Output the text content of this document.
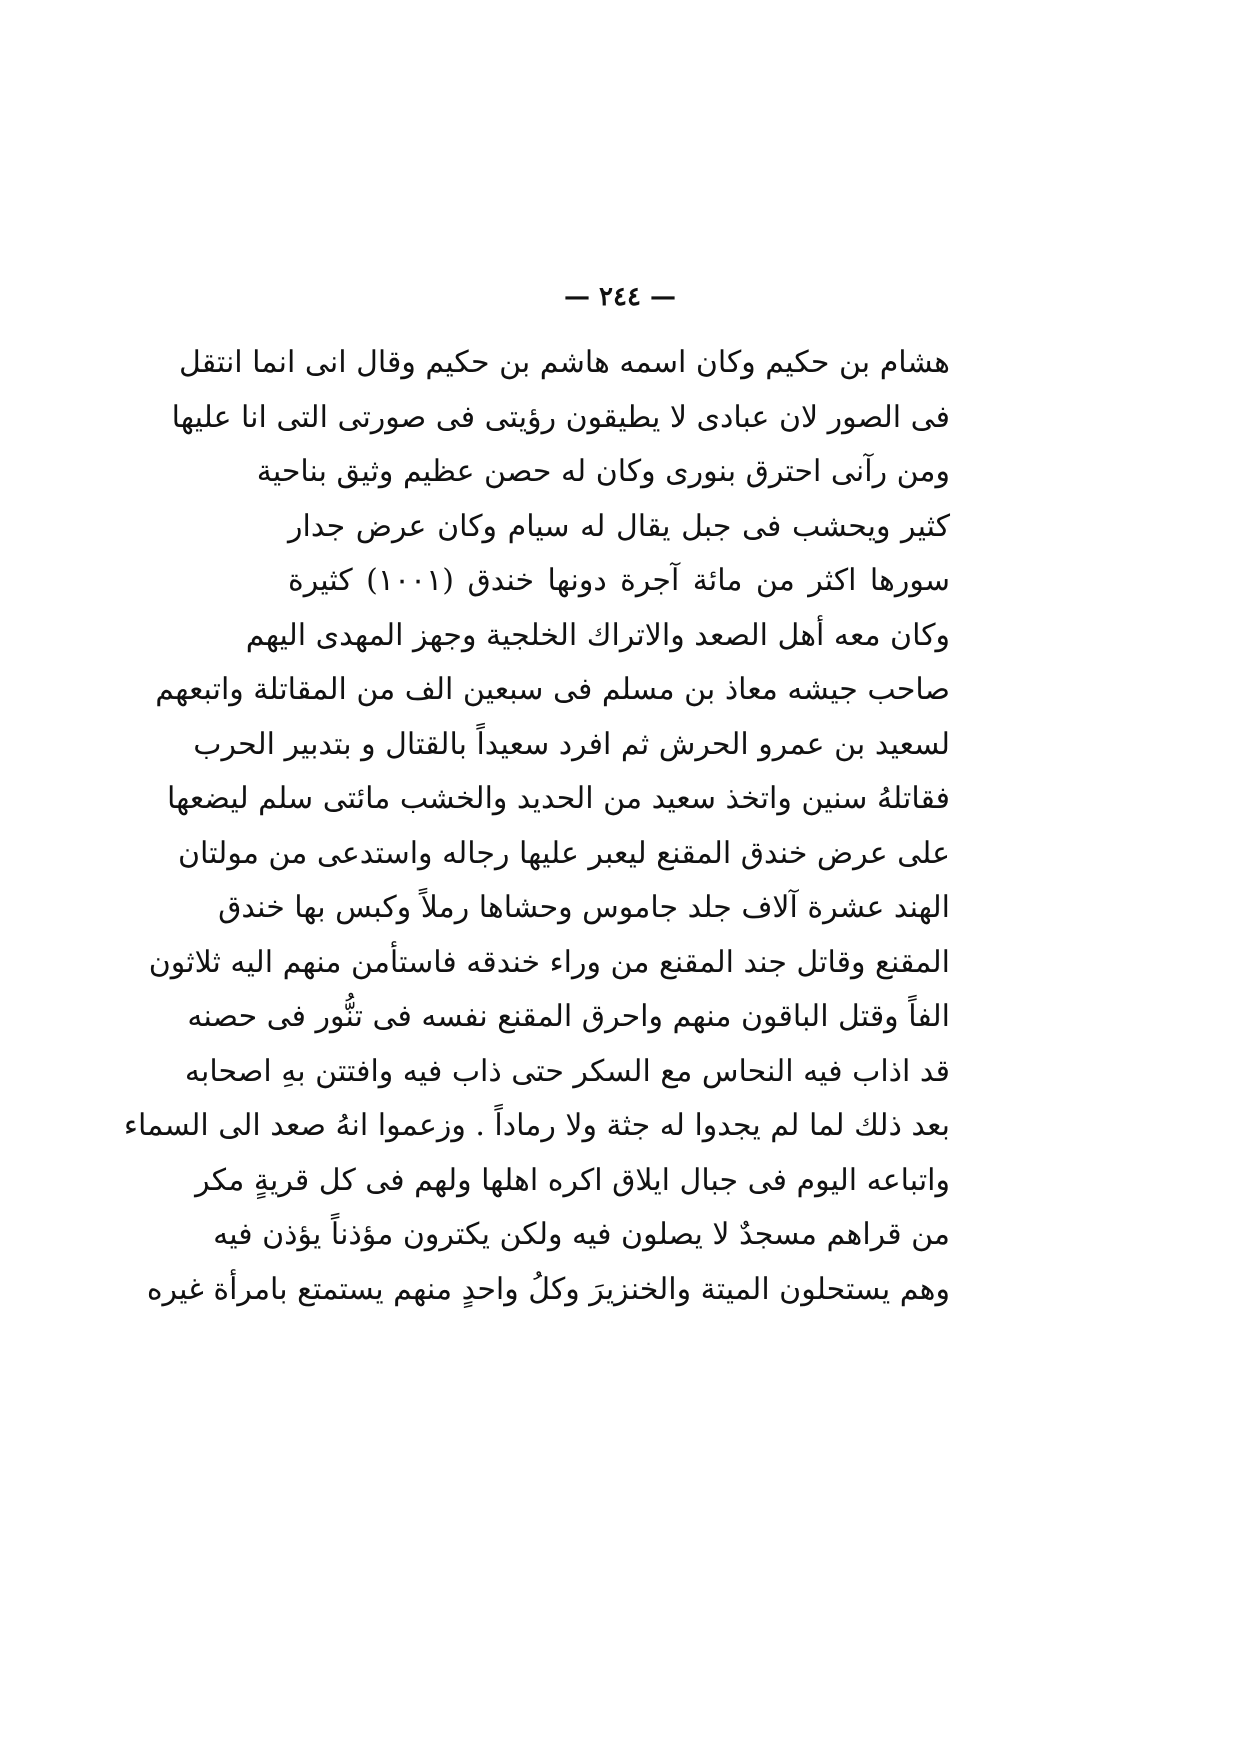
— ٢٤٤ —
هشام بن حكيم وكان اسمه هاشم بن حكيم وقال انى انما انتقل
فى الصور لان عبادى لا يطيقون رؤيتى فى صورتى التى انا عليها
ومن رآنى احترق بنورى وكان له حصن عظيم وثيق بناحية
كثير ويحشب فى جبل يقال له سيام وكان عرض جدار
سورها اكثر من مائة آجرة دونها خندق (١٠٠١) كثيرة
وكان معه أهل الصعد والاتراك الخلجية وجهز المهدى اليهم
صاحب جيشه معاذ بن مسلم فى سبعين الف من المقاتلة واتبعهم
لسعيد بن عمرو الحرش ثم افرد سعيداً بالقتال و بتدبير الحرب
فقاتلهُ سنين واتخذ سعيد من الحديد والخشب مائتى سلم ليضعها
على عرض خندق المقنع ليعبر عليها رجاله واستدعى من مولتان
الهند عشرة آلاف جلد جاموس وحشاها رملاً وكبس بها خندق
المقنع وقاتل جند المقنع من وراء خندقه فاستأمن منهم اليه ثلاثون
الفاً وقتل الباقون منهم واحرق المقنع نفسه فى تنُّور فى حصنه
قد اذاب فيه النحاس مع السكر حتى ذاب فيه وافتتن بهِ اصحابه
بعد ذلك لما لم يجدوا له جثة ولا رماداً . وزعموا انهُ صعد الى السماء
واتباعه اليوم فى جبال ايلاق اكره اهلها ولهم فى كل قريةٍ مكر
من قراهم مسجدٌ لا يصلون فيه ولكن يكترون مؤذناً يؤذن فيه
وهم يستحلون الميتة والخنزيرَ وكلُ واحدٍ منهم يستمتع بامرأة غيره
